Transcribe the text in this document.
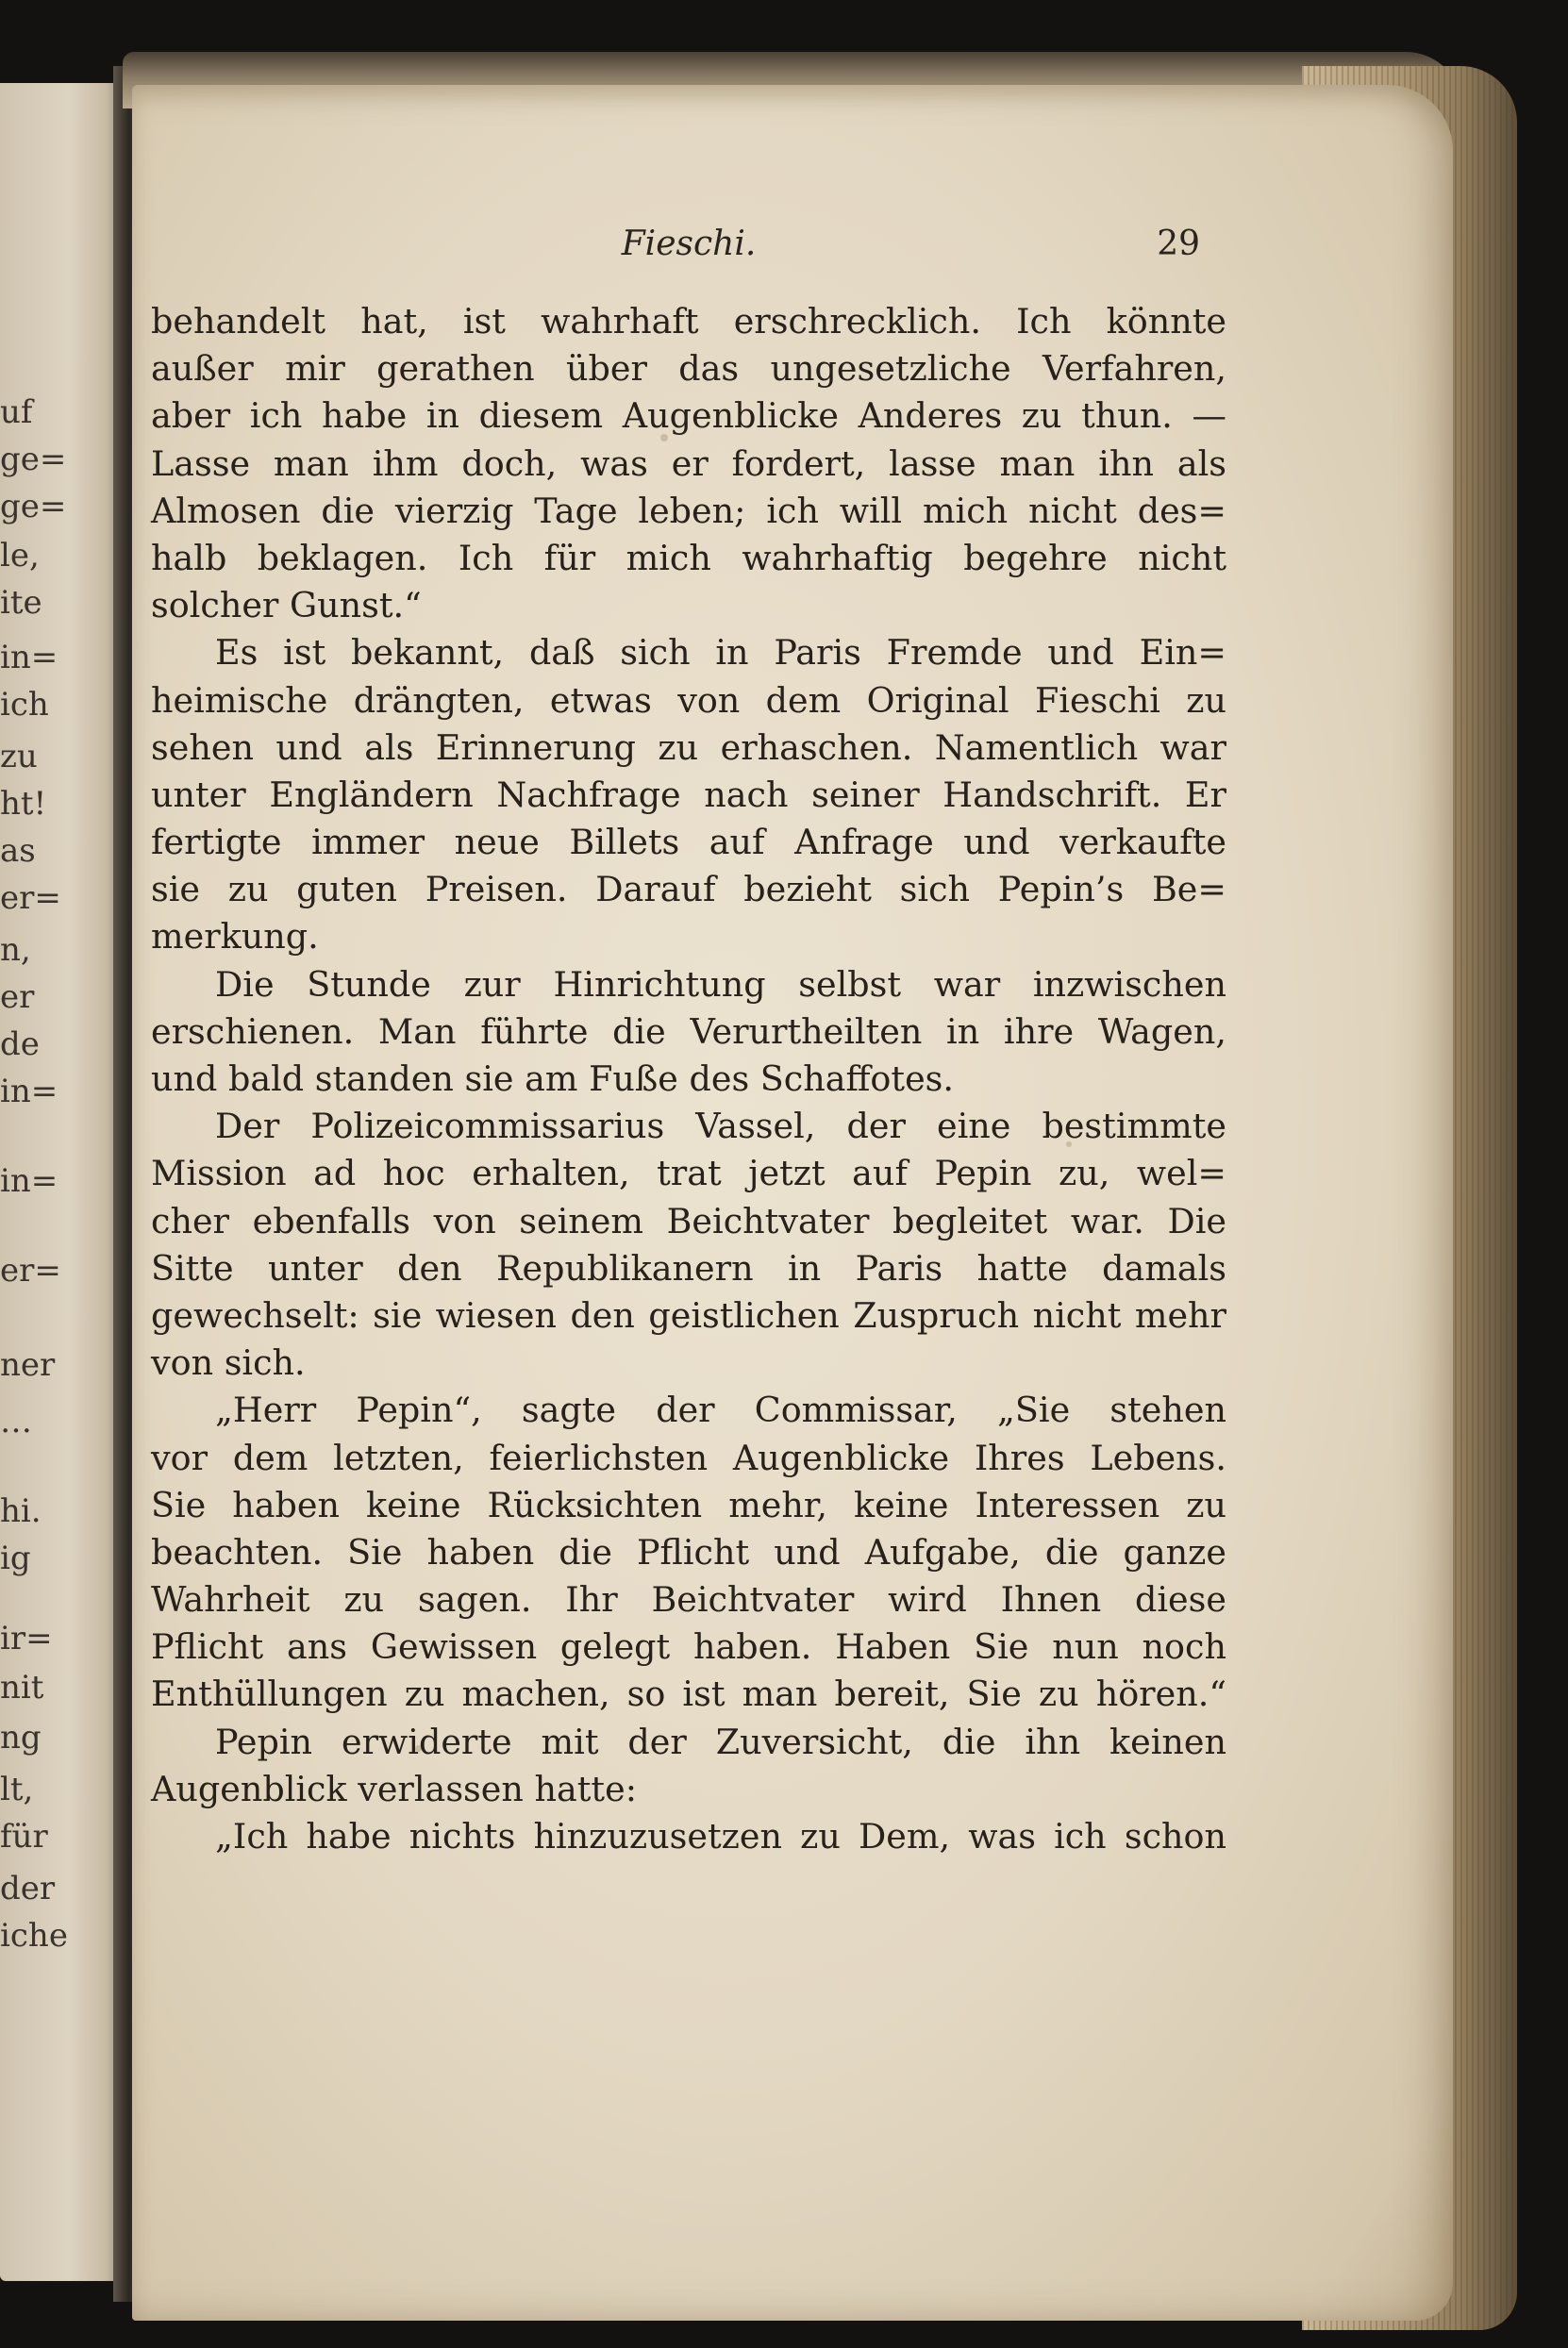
uf
ge=
ge=
le,
ite
in=
ich
zu
ht!
as
er=
n,
er
de
in=
in=
er=
ner
…
hi.
ig
ir=
nit
ng
lt,
für
der
iche
Fieschi.	29
behandelt hat, ist wahrhaft erschrecklich. Ich könnte
außer mir gerathen über das ungesetzliche Verfahren,
aber ich habe in diesem Augenblicke Anderes zu thun. —
Lasse man ihm doch, was er fordert, lasse man ihn als
Almosen die vierzig Tage leben; ich will mich nicht des=
halb beklagen. Ich für mich wahrhaftig begehre nicht
solcher Gunst.“
Es ist bekannt, daß sich in Paris Fremde und Ein=
heimische drängten, etwas von dem Original Fieschi zu
sehen und als Erinnerung zu erhaschen. Namentlich war
unter Engländern Nachfrage nach seiner Handschrift. Er
fertigte immer neue Billets auf Anfrage und verkaufte
sie zu guten Preisen. Darauf bezieht sich Pepin’s Be=
merkung.
Die Stunde zur Hinrichtung selbst war inzwischen
erschienen. Man führte die Verurtheilten in ihre Wagen,
und bald standen sie am Fuße des Schaffotes.
Der Polizeicommissarius Vassel, der eine bestimmte
Mission ad hoc erhalten, trat jetzt auf Pepin zu, wel=
cher ebenfalls von seinem Beichtvater begleitet war. Die
Sitte unter den Republikanern in Paris hatte damals
gewechselt: sie wiesen den geistlichen Zuspruch nicht mehr
von sich.
„Herr Pepin“, sagte der Commissar, „Sie stehen
vor dem letzten, feierlichsten Augenblicke Ihres Lebens.
Sie haben keine Rücksichten mehr, keine Interessen zu
beachten. Sie haben die Pflicht und Aufgabe, die ganze
Wahrheit zu sagen. Ihr Beichtvater wird Ihnen diese
Pflicht ans Gewissen gelegt haben. Haben Sie nun noch
Enthüllungen zu machen, so ist man bereit, Sie zu hören.“
Pepin erwiderte mit der Zuversicht, die ihn keinen
Augenblick verlassen hatte:
„Ich habe nichts hinzuzusetzen zu Dem, was ich schon
